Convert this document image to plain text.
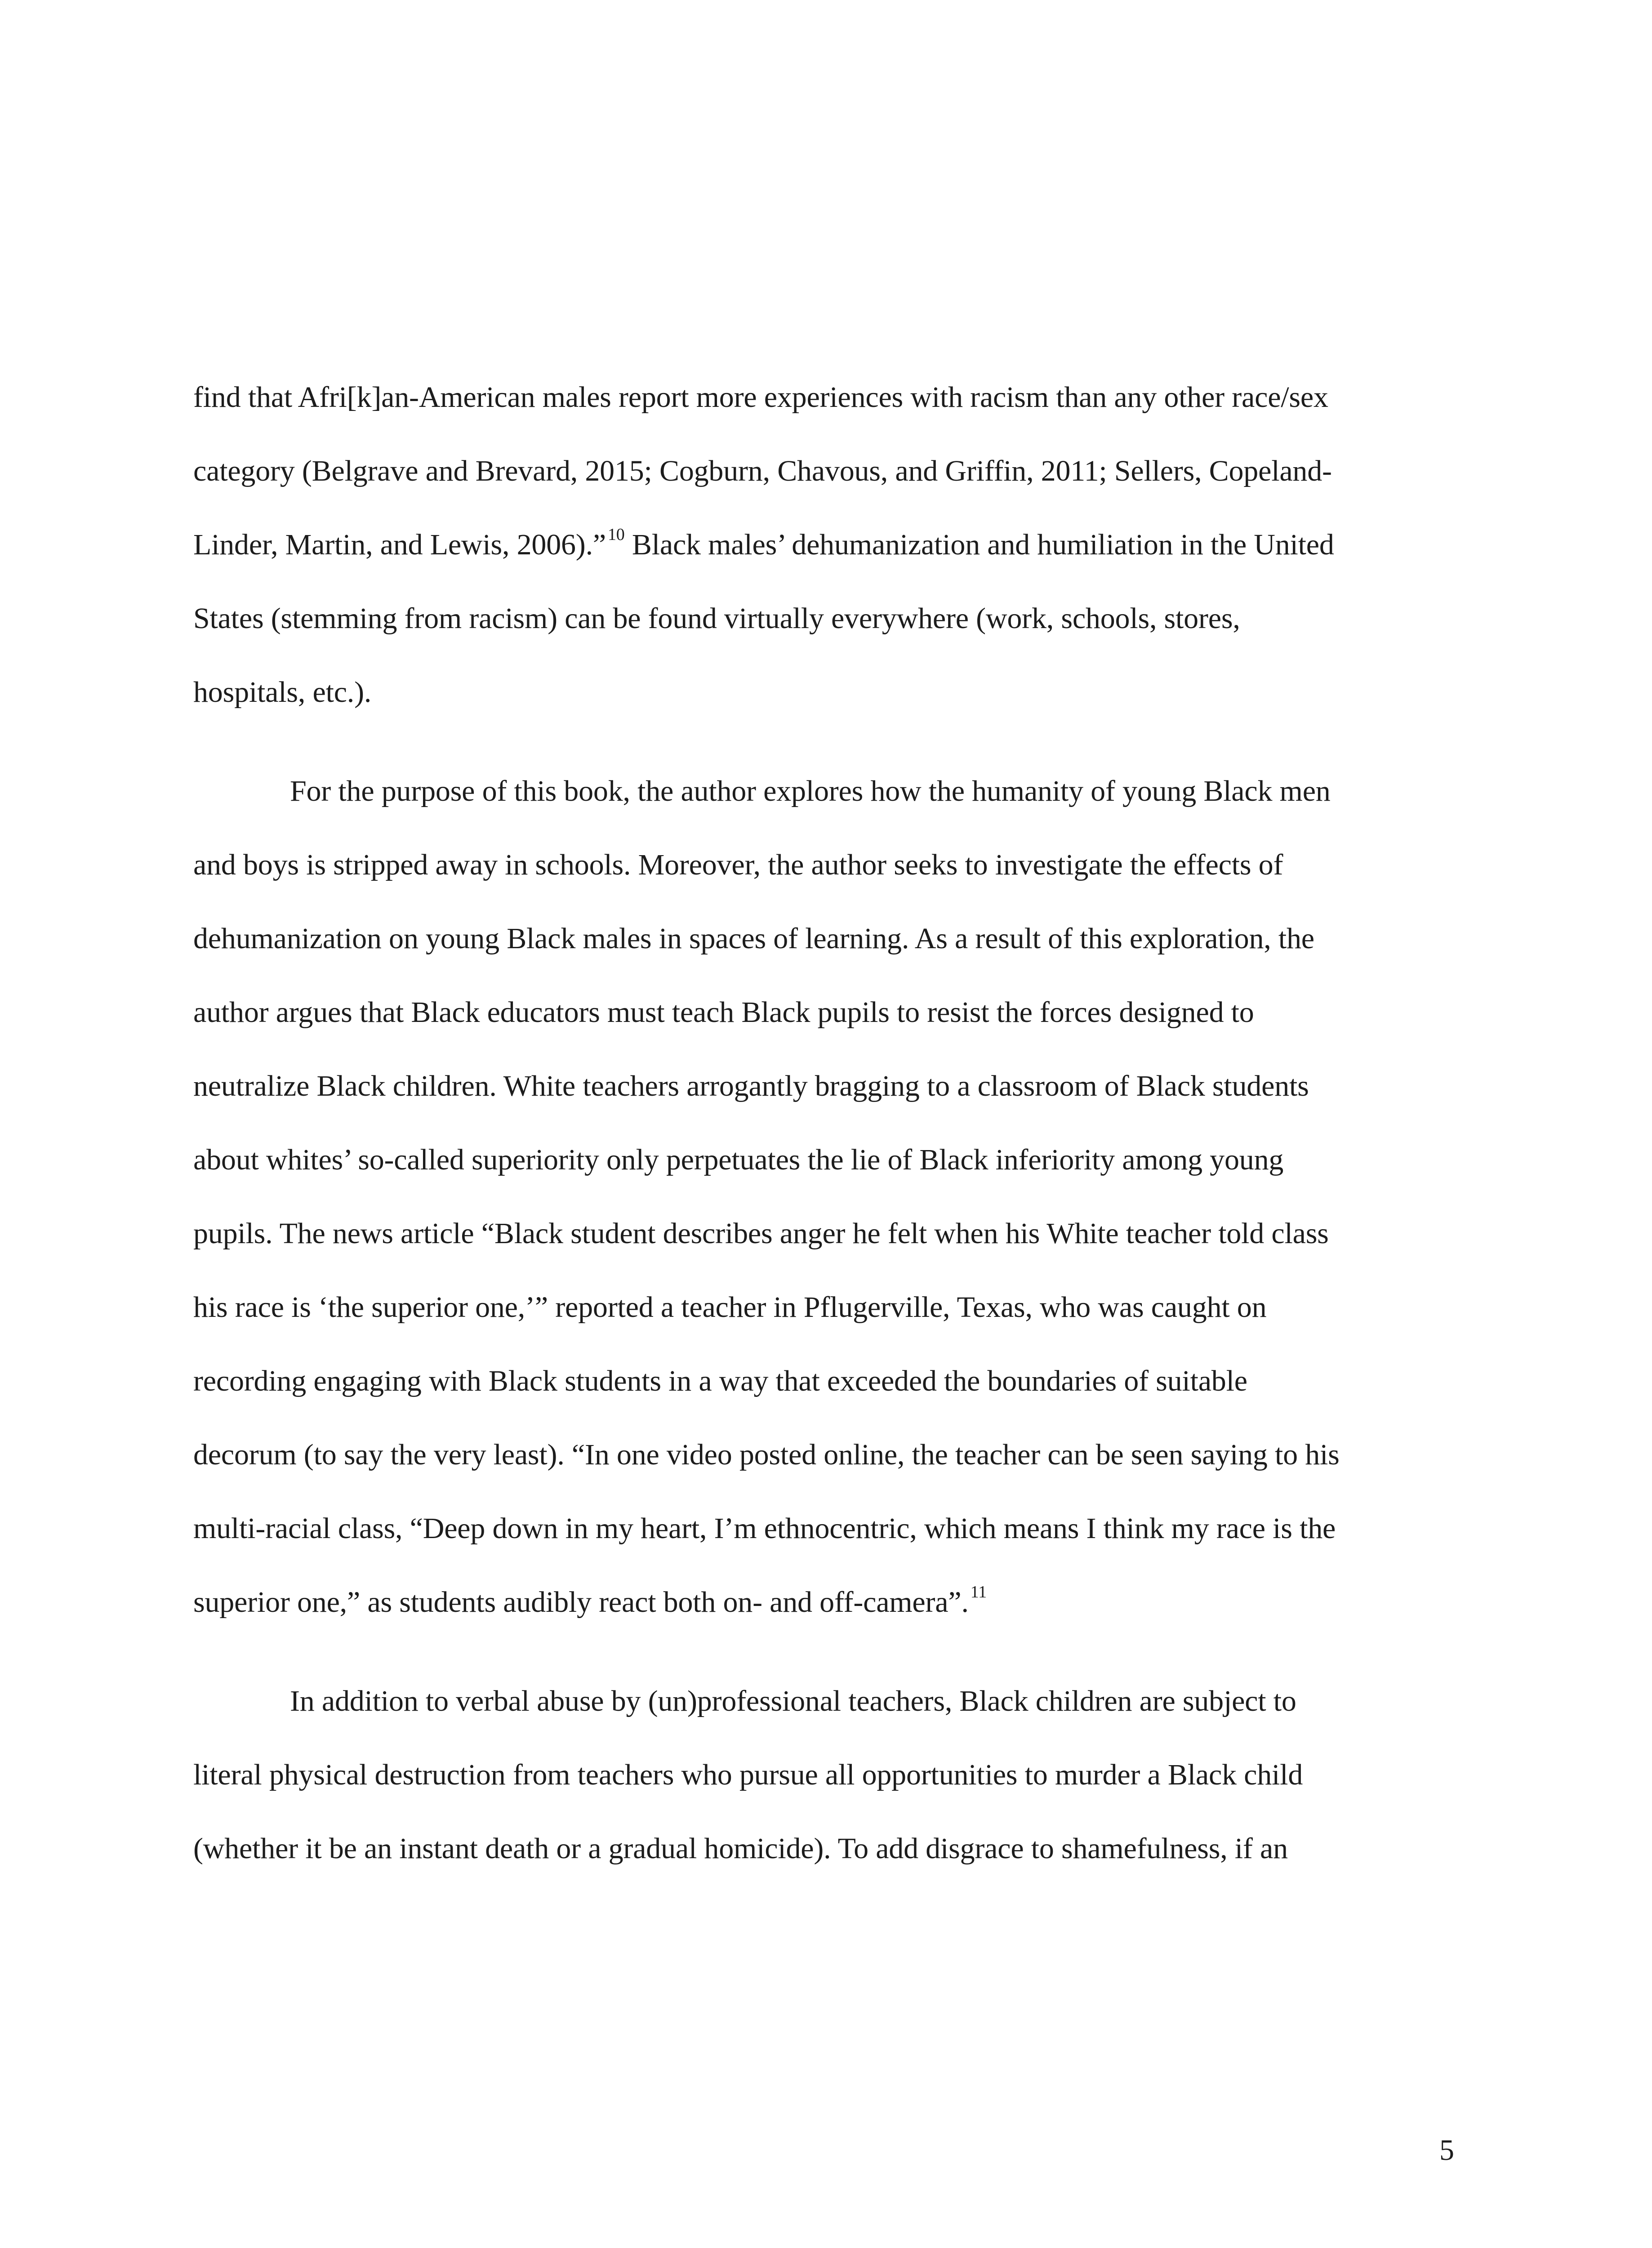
find that Afri[k]an-American males report more experiences with racism than any other race/sex
category (Belgrave and Brevard, 2015; Cogburn, Chavous, and Griffin, 2011; Sellers, Copeland-
Linder, Martin, and Lewis, 2006).” $^{10}$ Black males’ dehumanization and humiliation in the United
States (stemming from racism) can be found virtually everywhere (work, schools, stores,
hospitals, etc.).
For the purpose of this book, the author explores how the humanity of young Black men
and boys is stripped away in schools. Moreover, the author seeks to investigate the effects of
dehumanization on young Black males in spaces of learning. As a result of this exploration, the
author argues that Black educators must teach Black pupils to resist the forces designed to
neutralize Black children. White teachers arrogantly bragging to a classroom of Black students
about whites’ so-called superiority only perpetuates the lie of Black inferiority among young
pupils. The news article “Black student describes anger he felt when his White teacher told class
his race is ‘the superior one,’” reported a teacher in Pflugerville, Texas, who was caught on
recording engaging with Black students in a way that exceeded the boundaries of suitable
decorum (to say the very least). “In one video posted online, the teacher can be seen saying to his
multi-racial class, “Deep down in my heart, I’m ethnocentric, which means I think my race is the
superior one,” as students audibly react both on- and off-camera”. $^{11}$
In addition to verbal abuse by (un)professional teachers, Black children are subject to
literal physical destruction from teachers who pursue all opportunities to murder a Black child
(whether it be an instant death or a gradual homicide). To add disgrace to shamefulness, if an
5
